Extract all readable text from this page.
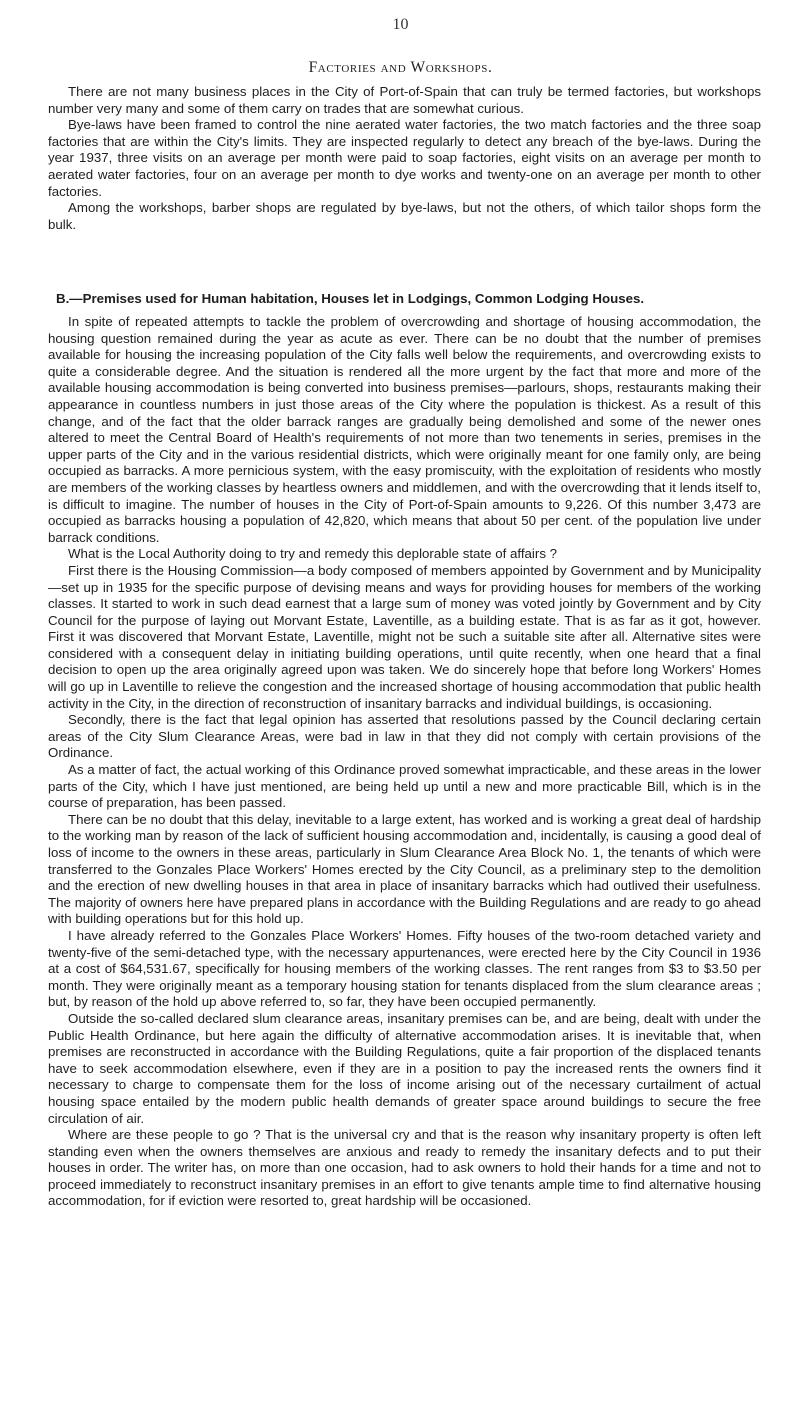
10
Factories and Workshops.

There are not many business places in the City of Port-of-Spain that can truly be termed factories, but workshops number very many and some of them carry on trades that are somewhat curious.

Bye-laws have been framed to control the nine aerated water factories, the two match factories and the three soap factories that are within the City's limits. They are inspected regularly to detect any breach of the bye-laws. During the year 1937, three visits on an average per month were paid to soap factories, eight visits on an average per month to aerated water factories, four on an average per month to dye works and twenty-one on an average per month to other factories.

Among the workshops, barber shops are regulated by bye-laws, but not the others, of which tailor shops form the bulk.

B.—Premises used for Human habitation, Houses let in Lodgings, Common Lodging Houses.

In spite of repeated attempts to tackle the problem of overcrowding and shortage of housing accommodation, the housing question remained during the year as acute as ever. There can be no doubt that the number of premises available for housing the increasing population of the City falls well below the requirements, and overcrowding exists to quite a considerable degree. And the situation is rendered all the more urgent by the fact that more and more of the available housing accommodation is being converted into business premises—parlours, shops, restaurants making their appearance in countless numbers in just those areas of the City where the population is thickest. As a result of this change, and of the fact that the older barrack ranges are gradually being demolished and some of the newer ones altered to meet the Central Board of Health's requirements of not more than two tenements in series, premises in the upper parts of the City and in the various residential districts, which were originally meant for one family only, are being occupied as barracks. A more pernicious system, with the easy promiscuity, with the exploitation of residents who mostly are members of the working classes by heartless owners and middlemen, and with the overcrowding that it lends itself to, is difficult to imagine. The number of houses in the City of Port-of-Spain amounts to 9,226. Of this number 3,473 are occupied as barracks housing a population of 42,820, which means that about 50 per cent. of the population live under barrack conditions.

What is the Local Authority doing to try and remedy this deplorable state of affairs ?

First there is the Housing Commission—a body composed of members appointed by Government and by Municipality—set up in 1935 for the specific purpose of devising means and ways for providing houses for members of the working classes. It started to work in such dead earnest that a large sum of money was voted jointly by Government and by City Council for the purpose of laying out Morvant Estate, Laventille, as a building estate. That is as far as it got, however. First it was discovered that Morvant Estate, Laventille, might not be such a suitable site after all. Alternative sites were considered with a consequent delay in initiating building operations, until quite recently, when one heard that a final decision to open up the area originally agreed upon was taken. We do sincerely hope that before long Workers' Homes will go up in Laventille to relieve the congestion and the increased shortage of housing accommodation that public health activity in the City, in the direction of reconstruction of insanitary barracks and individual buildings, is occasioning.

Secondly, there is the fact that legal opinion has asserted that resolutions passed by the Council declaring certain areas of the City Slum Clearance Areas, were bad in law in that they did not comply with certain provisions of the Ordinance.

As a matter of fact, the actual working of this Ordinance proved somewhat impracticable, and these areas in the lower parts of the City, which I have just mentioned, are being held up until a new and more practicable Bill, which is in the course of preparation, has been passed.

There can be no doubt that this delay, inevitable to a large extent, has worked and is working a great deal of hardship to the working man by reason of the lack of sufficient housing accommodation and, incidentally, is causing a good deal of loss of income to the owners in these areas, particularly in Slum Clearance Area Block No. 1, the tenants of which were transferred to the Gonzales Place Workers' Homes erected by the City Council, as a preliminary step to the demolition and the erection of new dwelling houses in that area in place of insanitary barracks which had outlived their usefulness. The majority of owners here have prepared plans in accordance with the Building Regulations and are ready to go ahead with building operations but for this hold up.

I have already referred to the Gonzales Place Workers' Homes. Fifty houses of the two-room detached variety and twenty-five of the semi-detached type, with the necessary appurtenances, were erected here by the City Council in 1936 at a cost of $64,531.67, specifically for housing members of the working classes. The rent ranges from $3 to $3.50 per month. They were originally meant as a temporary housing station for tenants displaced from the slum clearance areas ; but, by reason of the hold up above referred to, so far, they have been occupied permanently.

Outside the so-called declared slum clearance areas, insanitary premises can be, and are being, dealt with under the Public Health Ordinance, but here again the difficulty of alternative accommodation arises. It is inevitable that, when premises are reconstructed in accordance with the Building Regulations, quite a fair proportion of the displaced tenants have to seek accommodation elsewhere, even if they are in a position to pay the increased rents the owners find it necessary to charge to compensate them for the loss of income arising out of the necessary curtailment of actual housing space entailed by the modern public health demands of greater space around buildings to secure the free circulation of air.

Where are these people to go ? That is the universal cry and that is the reason why insanitary property is often left standing even when the owners themselves are anxious and ready to remedy the insanitary defects and to put their houses in order. The writer has, on more than one occasion, had to ask owners to hold their hands for a time and not to proceed immediately to reconstruct insanitary premises in an effort to give tenants ample time to find alternative housing accommodation, for if eviction were resorted to, great hardship will be occasioned.
